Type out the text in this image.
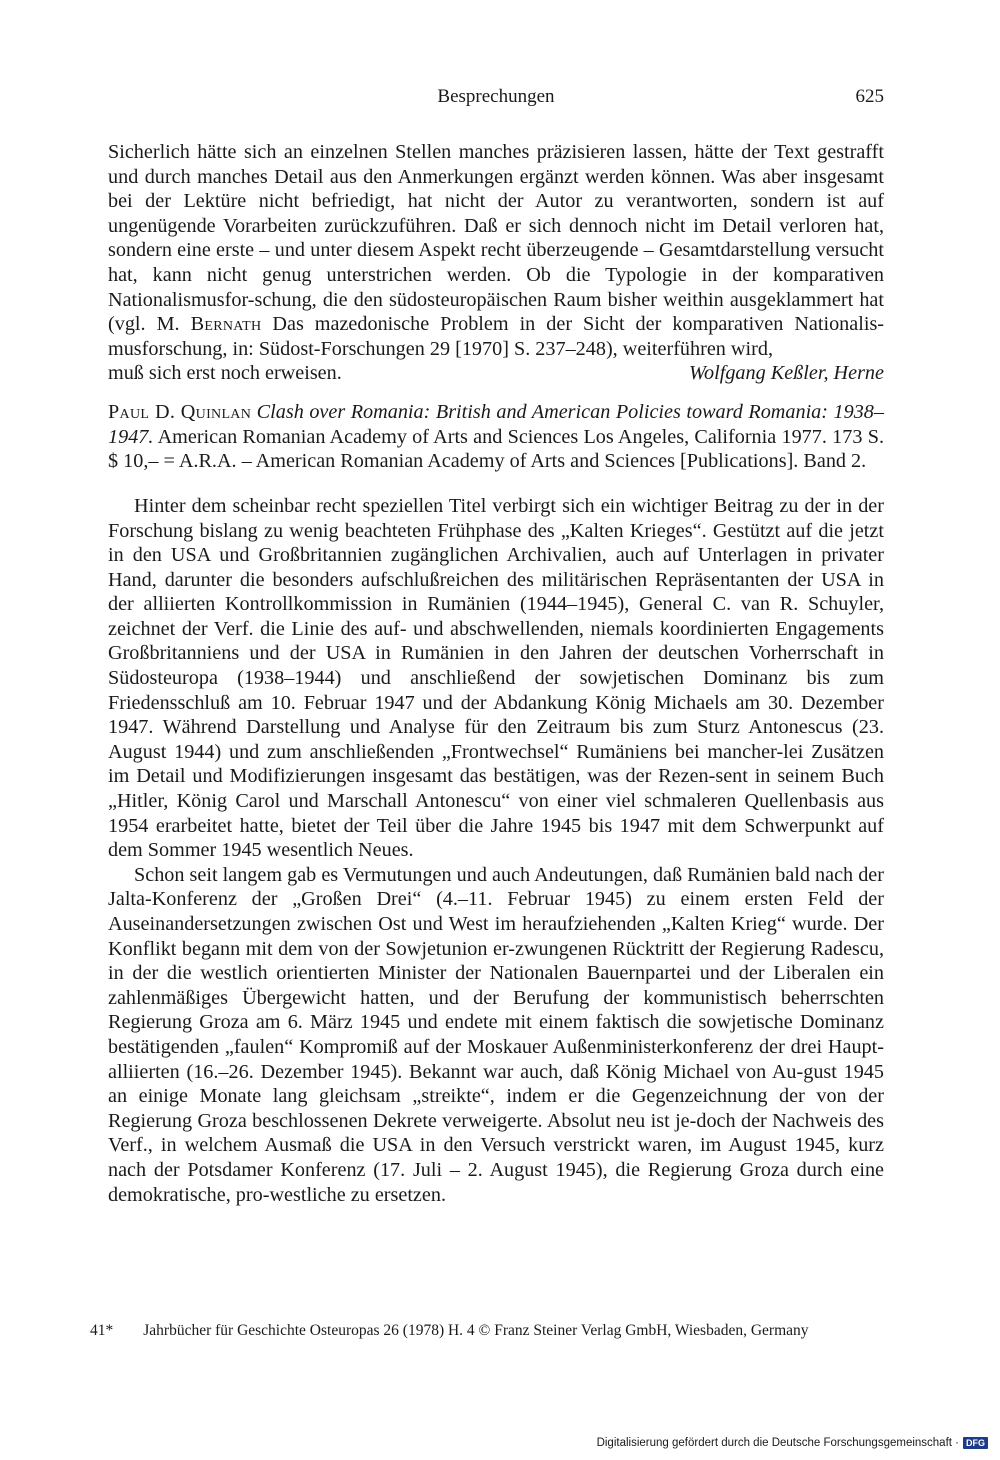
Besprechungen	625

Sicherlich hätte sich an einzelnen Stellen manches präzisieren lassen, hätte der Text gestrafft und durch manches Detail aus den Anmerkungen ergänzt werden können. Was aber insgesamt bei der Lektüre nicht befriedigt, hat nicht der Autor zu verantworten, sondern ist auf ungenügende Vorarbeiten zurückzuführen. Daß er sich dennoch nicht im Detail verloren hat, sondern eine erste – und unter diesem Aspekt recht überzeugende – Gesamtdarstellung versucht hat, kann nicht genug unterstrichen werden. Ob die Typologie in der komparativen Nationalismusfor-schung, die den südosteuropäischen Raum bisher weithin ausgeklammert hat (vgl. M. Bernath Das mazedonische Problem in der Sicht der komparativen Nationalis-musforschung, in: Südost-Forschungen 29 [1970] S. 237–248), weiterführen wird,

muß sich erst noch erweisen.	Wolfgang Keßler, Herne

Paul D. Quinlan Clash over Romania: British and American Policies toward Romania: 1938–1947. American Romanian Academy of Arts and Sciences Los Angeles, California 1977. 173 S. $ 10,– = A.R.A. – American Romanian Academy of Arts and Sciences [Publications]. Band 2.

Hinter dem scheinbar recht speziellen Titel verbirgt sich ein wichtiger Beitrag zu der in der Forschung bislang zu wenig beachteten Frühphase des „Kalten Krieges“. Gestützt auf die jetzt in den USA und Großbritannien zugänglichen Archivalien, auch auf Unterlagen in privater Hand, darunter die besonders aufschlußreichen des militärischen Repräsentanten der USA in der alliierten Kontrollkommission in Rumänien (1944–1945), General C. van R. Schuyler, zeichnet der Verf. die Linie des auf- und abschwellenden, niemals koordinierten Engagements Großbritanniens und der USA in Rumänien in den Jahren der deutschen Vorherrschaft in Südosteuropa (1938–1944) und anschließend der sowjetischen Dominanz bis zum Friedensschluß am 10. Februar 1947 und der Abdankung König Michaels am 30. Dezember 1947. Während Darstellung und Analyse für den Zeitraum bis zum Sturz Antonescus (23. August 1944) und zum anschließenden „Frontwechsel“ Rumäniens bei mancher-lei Zusätzen im Detail und Modifizierungen insgesamt das bestätigen, was der Rezen-sent in seinem Buch „Hitler, König Carol und Marschall Antonescu“ von einer viel schmaleren Quellenbasis aus 1954 erarbeitet hatte, bietet der Teil über die Jahre 1945 bis 1947 mit dem Schwerpunkt auf dem Sommer 1945 wesentlich Neues.

Schon seit langem gab es Vermutungen und auch Andeutungen, daß Rumänien bald nach der Jalta-Konferenz der „Großen Drei“ (4.–11. Februar 1945) zu einem ersten Feld der Auseinandersetzungen zwischen Ost und West im heraufziehenden „Kalten Krieg“ wurde. Der Konflikt begann mit dem von der Sowjetunion er-zwungenen Rücktritt der Regierung Radescu, in der die westlich orientierten Minister der Nationalen Bauernpartei und der Liberalen ein zahlenmäßiges Übergewicht hatten, und der Berufung der kommunistisch beherrschten Regierung Groza am 6. März 1945 und endete mit einem faktisch die sowjetische Dominanz bestätigenden „faulen“ Kompromiß auf der Moskauer Außenministerkonferenz der drei Haupt-alliierten (16.–26. Dezember 1945). Bekannt war auch, daß König Michael von Au-gust 1945 an einige Monate lang gleichsam „streikte“, indem er die Gegenzeichnung der von der Regierung Groza beschlossenen Dekrete verweigerte. Absolut neu ist je-doch der Nachweis des Verf., in welchem Ausmaß die USA in den Versuch verstrickt waren, im August 1945, kurz nach der Potsdamer Konferenz (17. Juli – 2. August 1945), die Regierung Groza durch eine demokratische, pro-westliche zu ersetzen.

41* Jahrbücher für Geschichte Osteuropas 26 (1978) H. 4 © Franz Steiner Verlag GmbH, Wiesbaden, Germany
Digitalisierung gefördert durch die Deutsche Forschungsgemeinschaft · DFG
